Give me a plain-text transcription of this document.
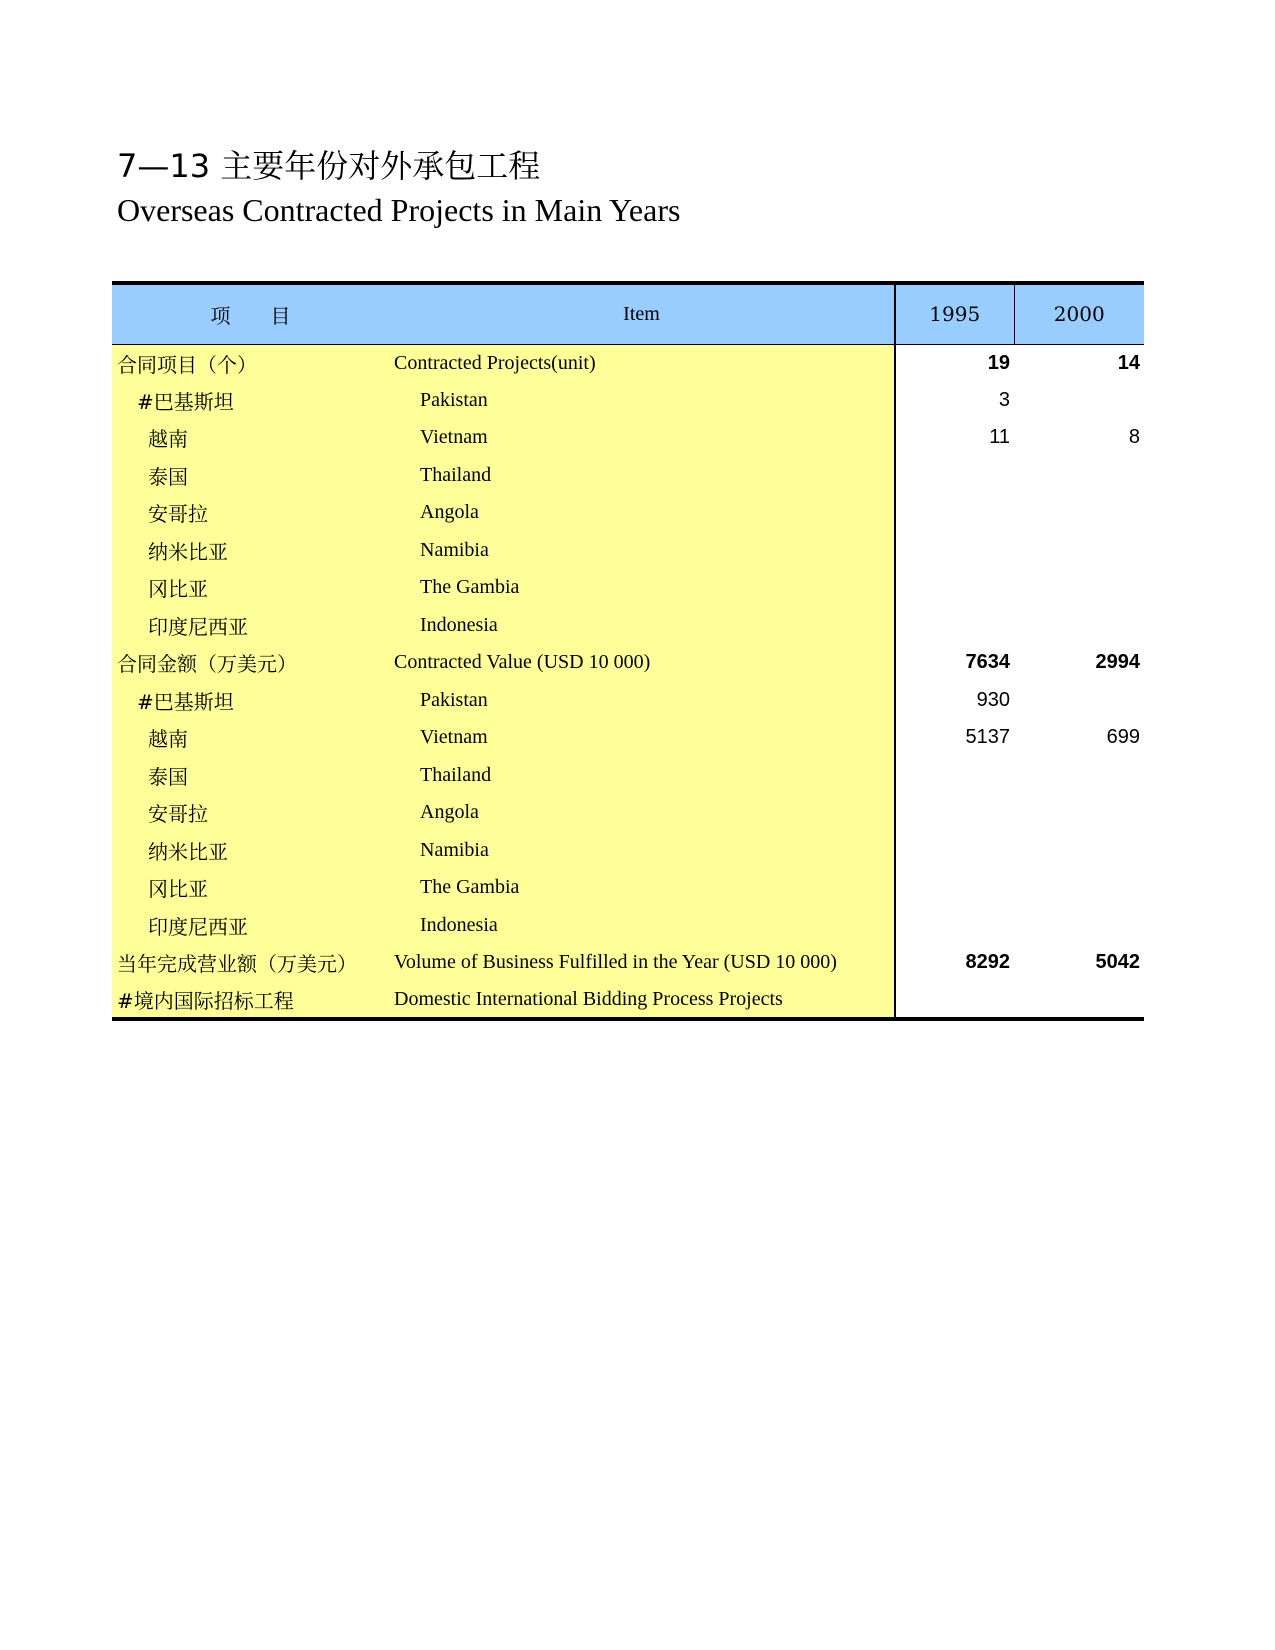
7—13 主要年份对外承包工程
Overseas Contracted Projects in Main Years
项　　目	Item	1995	2000
合同项目（个）	Contracted Projects(unit)	19	14
#巴基斯坦	Pakistan	3	
越南	Vietnam	11	8
泰国	Thailand		
安哥拉	Angola		
纳米比亚	Namibia		
冈比亚	The Gambia		
印度尼西亚	Indonesia		
合同金额（万美元）	Contracted Value (USD 10 000)	7634	2994
#巴基斯坦	Pakistan	930	
越南	Vietnam	5137	699
泰国	Thailand		
安哥拉	Angola		
纳米比亚	Namibia		
冈比亚	The Gambia		
印度尼西亚	Indonesia		
当年完成营业额（万美元）	Volume of Business Fulfilled in the Year (USD 10 000)	8292	5042
#境内国际招标工程	Domestic International Bidding Process Projects		
